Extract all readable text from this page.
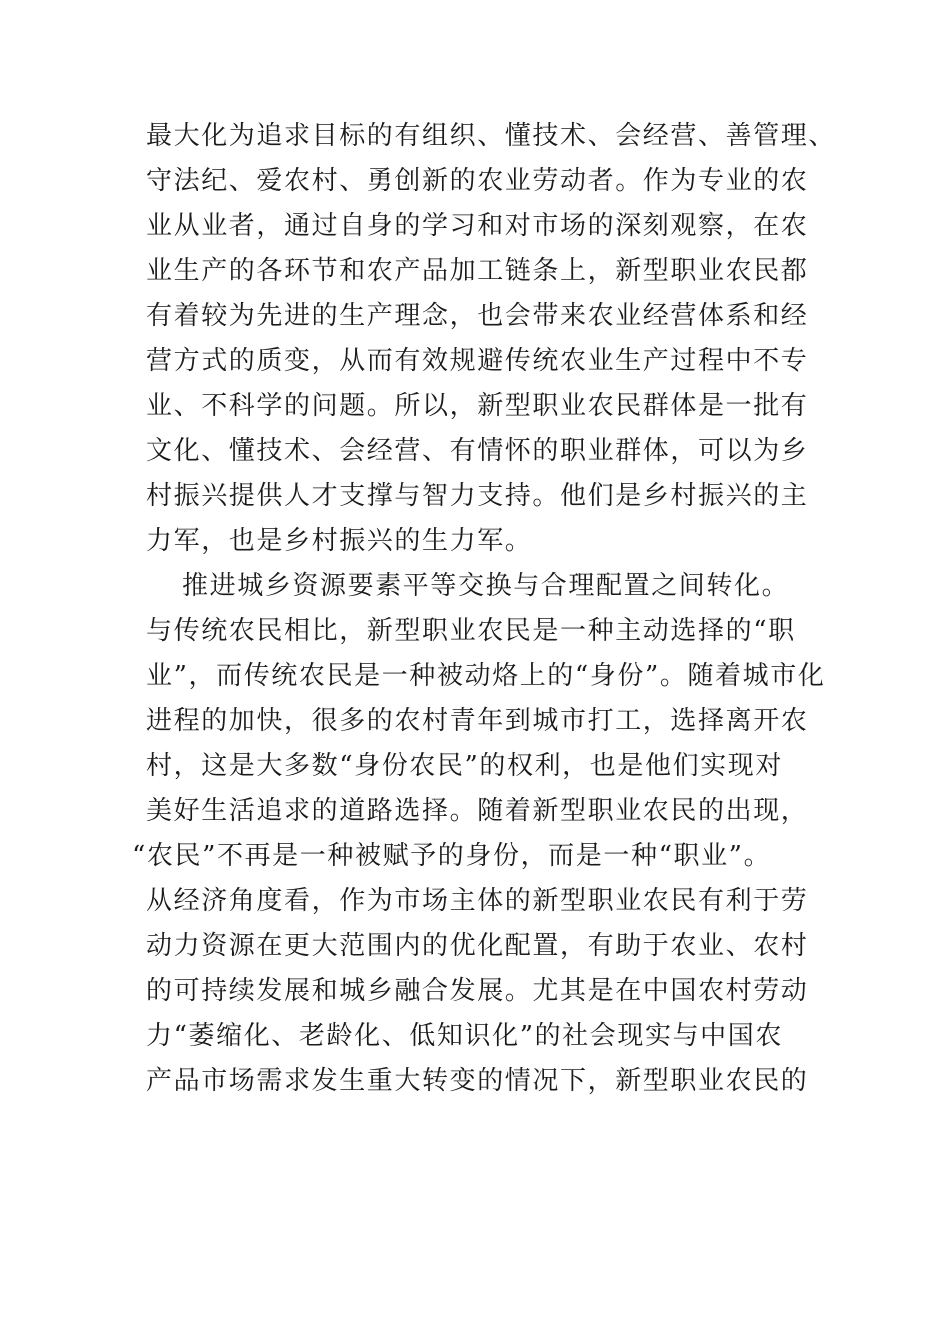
最大化为追求目标的有组织、懂技术、会经营、善管理、
守法纪、爱农村、勇创新的农业劳动者。作为专业的农
业从业者，通过自身的学习和对市场的深刻观察，在农
业生产的各环节和农产品加工链条上，新型职业农民都
有着较为先进的生产理念，也会带来农业经营体系和经
营方式的质变，从而有效规避传统农业生产过程中不专
业、不科学的问题。所以，新型职业农民群体是一批有
文化、懂技术、会经营、有情怀的职业群体，可以为乡
村振兴提供人才支撑与智力支持。他们是乡村振兴的主
力军，也是乡村振兴的生力军。
推进城乡资源要素平等交换与合理配置之间转化。
与传统农民相比，新型职业农民是一种主动选择的“职
业”，而传统农民是一种被动烙上的“身份”。随着城市化
进程的加快，很多的农村青年到城市打工，选择离开农
村，这是大多数“身份农民”的权利，也是他们实现对
美好生活追求的道路选择。随着新型职业农民的出现，
“农民”不再是一种被赋予的身份，而是一种“职业”。
从经济角度看，作为市场主体的新型职业农民有利于劳
动力资源在更大范围内的优化配置，有助于农业、农村
的可持续发展和城乡融合发展。尤其是在中国农村劳动
力“萎缩化、老龄化、低知识化”的社会现实与中国农
产品市场需求发生重大转变的情况下，新型职业农民的
